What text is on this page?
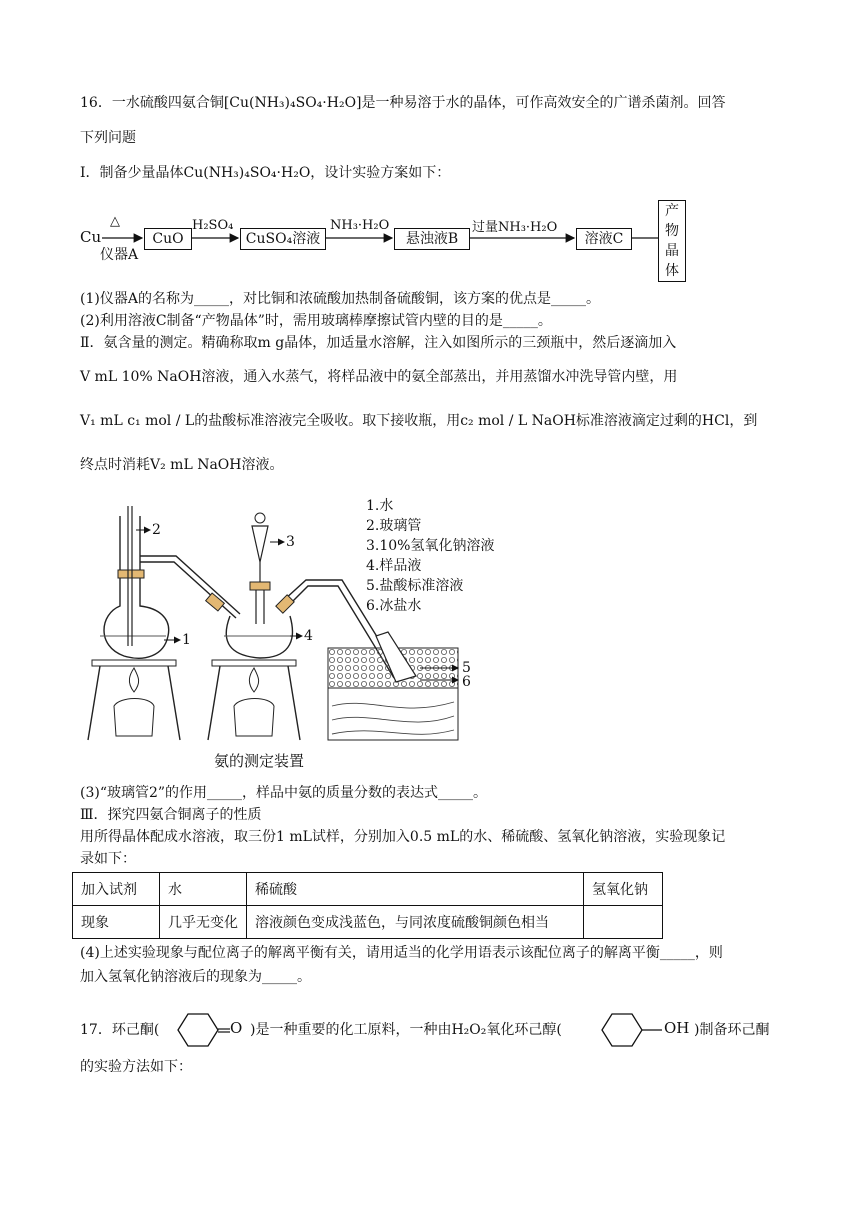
16．一水硫酸四氨合铜[Cu(NH₃)₄SO₄·H₂O]是一种易溶于水的晶体，可作高效安全的广谱杀菌剂。回答
下列问题
Ⅰ．制备少量晶体Cu(NH₃)₄SO₄·H₂O，设计实验方案如下：
Cu
△
仪器A
CuO
H₂SO₄
CuSO₄溶液
NH₃·H₂O
悬浊液B
过量NH₃·H₂O
溶液C
产
物
晶
体
(1)仪器A的名称为_____，对比铜和浓硫酸加热制备硫酸铜，该方案的优点是_____。
(2)利用溶液C制备“产物晶体”时，需用玻璃棒摩擦试管内壁的目的是_____。
Ⅱ．氨含量的测定。精确称取m g晶体，加适量水溶解，注入如图所示的三颈瓶中，然后逐滴加入
V mL 10% NaOH溶液，通入水蒸气，将样品液中的氨全部蒸出，并用蒸馏水冲洗导管内壁，用
V₁ mL c₁ mol / L的盐酸标准溶液完全吸收。取下接收瓶，用c₂ mol / L NaOH标准溶液滴定过剩的HCl，到
终点时消耗V₂ mL NaOH溶液。
2
1
3
4
5
6
氨的测定装置
1.水
2.玻璃管
3.10%氢氧化钠溶液
4.样品液
5.盐酸标准溶液
6.冰盐水
(3)“玻璃管2”的作用_____，样品中氨的质量分数的表达式_____。
Ⅲ．探究四氨合铜离子的性质
用所得晶体配成水溶液，取三份1 mL试样，分别加入0.5 mL的水、稀硫酸、氢氧化钠溶液，实验现象记
录如下：
加入试剂	水	稀硫酸	氢氧化钠
现象	几乎无变化	溶液颜色变成浅蓝色，与同浓度硫酸铜颜色相当	
(4)上述实验现象与配位离子的解离平衡有关，请用适当的化学用语表示该配位离子的解离平衡_____，则
加入氢氧化钠溶液后的现象为_____。
17．环己酮(	O )是一种重要的化工原料，一种由H₂O₂氧化环己醇(	OH )制备环己酮
的实验方法如下：
